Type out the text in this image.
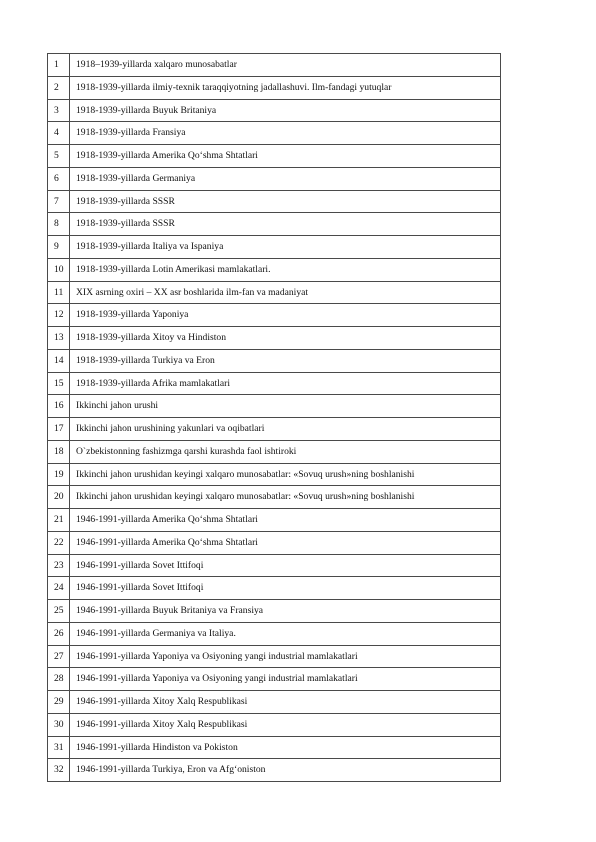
1	1918–1939-yillarda xalqaro munosabatlar
2	1918-1939-yillarda ilmiy-texnik taraqqiyotning jadallashuvi. Ilm-fandagi yutuqlar
3	1918-1939-yillarda Buyuk Britaniya
4	1918-1939-yillarda Fransiya
5	1918-1939-yillarda Amerika Qo‘shma Shtatlari
6	1918-1939-yillarda Germaniya
7	1918-1939-yillarda SSSR
8	1918-1939-yillarda SSSR
9	1918-1939-yillarda Italiya va Ispaniya
10	1918-1939-yillarda Lotin Amerikasi mamlakatlari.
11	XIX asrning oxiri – XX asr boshlarida ilm-fan va madaniyat
12	1918-1939-yillarda Yaponiya
13	1918-1939-yillarda Xitoy va Hindiston
14	1918-1939-yillarda Turkiya va Eron
15	1918-1939-yillarda Afrika mamlakatlari
16	Ikkinchi jahon urushi
17	Ikkinchi jahon urushining yakunlari va oqibatlari
18	O`zbekistonning fashizmga qarshi kurashda faol ishtiroki
19	Ikkinchi jahon urushidan keyingi xalqaro munosabatlar: «Sovuq urush»ning boshlanishi
20	Ikkinchi jahon urushidan keyingi xalqaro munosabatlar: «Sovuq urush»ning boshlanishi
21	1946-1991-yillarda Amerika Qo‘shma Shtatlari
22	1946-1991-yillarda Amerika Qo‘shma Shtatlari
23	1946-1991-yillarda Sovet Ittifoqi
24	1946-1991-yillarda Sovet Ittifoqi
25	1946-1991-yillarda Buyuk Britaniya va Fransiya
26	1946-1991-yillarda Germaniya va Italiya.
27	1946-1991-yillarda Yaponiya va Osiyoning yangi industrial mamlakatlari
28	1946-1991-yillarda Yaponiya va Osiyoning yangi industrial mamlakatlari
29	1946-1991-yillarda Xitoy Xalq Respublikasi
30	1946-1991-yillarda Xitoy Xalq Respublikasi
31	1946-1991-yillarda Hindiston va Pokiston
32	1946-1991-yillarda Turkiya, Eron va Afg‘oniston
